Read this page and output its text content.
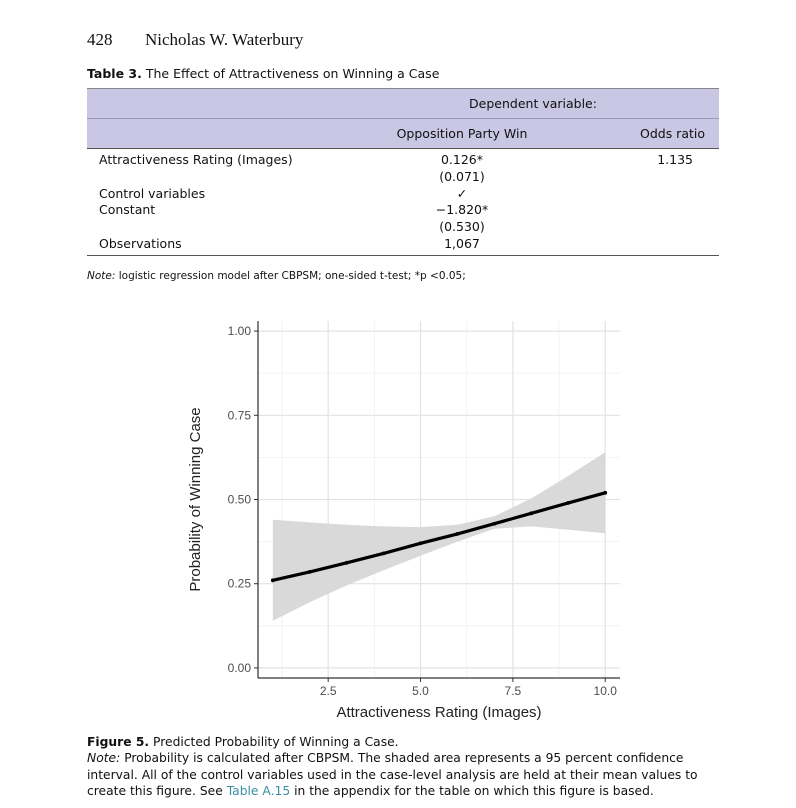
428 Nicholas W. Waterbury
Table 3. The Effect of Attractiveness on Winning a Case
	Dependent variable:	
	Opposition Party Win	Odds ratio
Attractiveness Rating (Images)	0.126*	1.135
	(0.071)	
Control variables	✓	
Constant	−1.820*	
	(0.530)	
Observations	1,067	
Note: logistic regression model after CBPSM; one-sided t-test; *p <0.05;
2.5	5.0	7.5	10.0
0.00
0.25
0.50
0.75
1.00
Attractiveness Rating (Images)
Probability of Winning Case
Figure 5. Predicted Probability of Winning a Case.
Note: Probability is calculated after CBPSM. The shaded area represents a 95 percent confidence interval. All of the control variables used in the case-level analysis are held at their mean values to create this figure. See Table A.15 in the appendix for the table on which this figure is based.
